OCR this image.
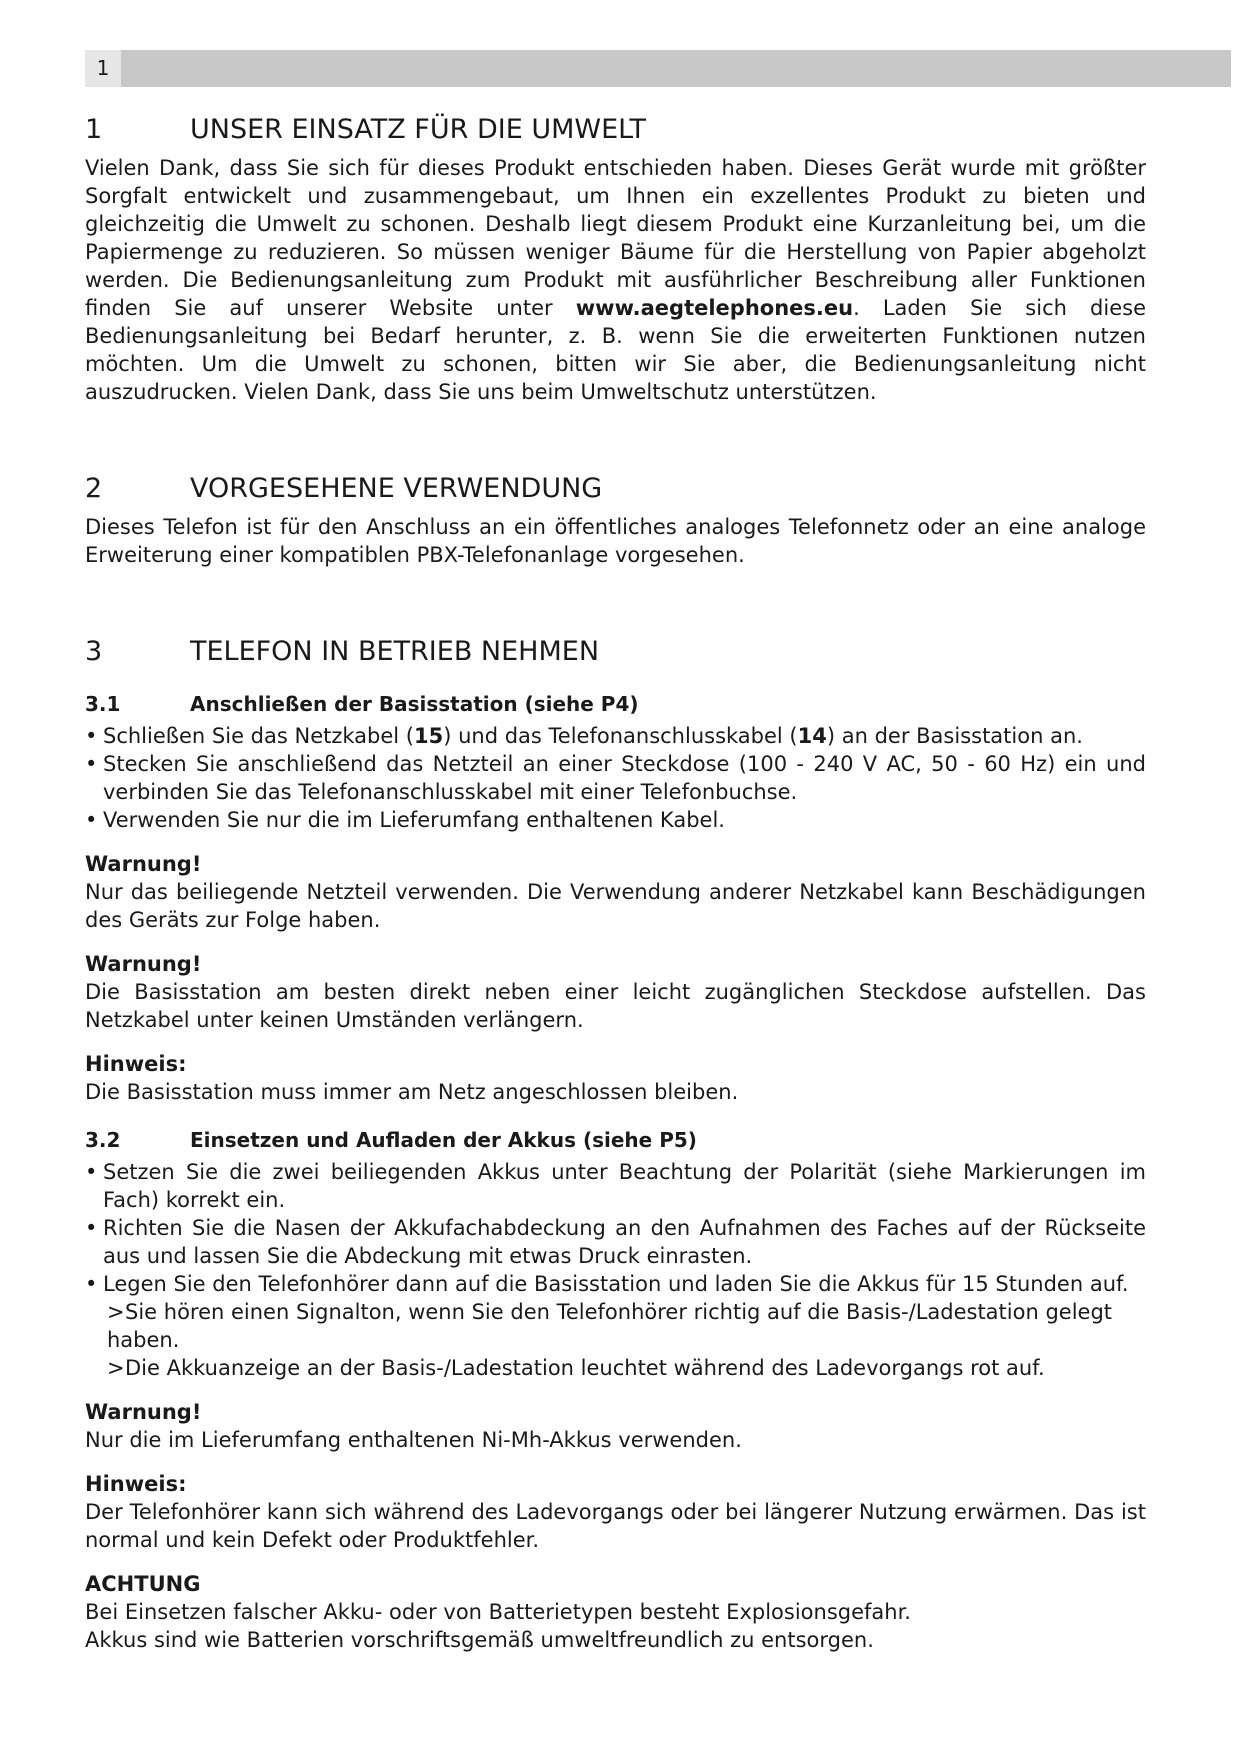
1
1	UNSER EINSATZ FÜR DIE UMWELT

Vielen Dank, dass Sie sich für dieses Produkt entschieden haben. Dieses Gerät wurde mit größter Sorgfalt entwickelt und zusammengebaut, um Ihnen ein exzellentes Produkt zu bieten und gleichzeitig die Umwelt zu schonen. Deshalb liegt diesem Produkt eine Kurzanleitung bei, um die Papiermenge zu reduzieren. So müssen weniger Bäume für die Herstellung von Papier abgeholzt werden. Die Bedienungsanleitung zum Produkt mit ausführlicher Beschreibung aller Funktionen finden Sie auf unserer Website unter www.aegtelephones.eu. Laden Sie sich diese Bedienungsanleitung bei Bedarf herunter, z. B. wenn Sie die erweiterten Funktionen nutzen möchten. Um die Umwelt zu schonen, bitten wir Sie aber, die Bedienungsanleitung nicht auszudrucken. Vielen Dank, dass Sie uns beim Umweltschutz unterstützen.

2	VORGESEHENE VERWENDUNG

Dieses Telefon ist für den Anschluss an ein öffentliches analoges Telefonnetz oder an eine analoge Erweiterung einer kompatiblen PBX-Telefonanlage vorgesehen.

3	TELEFON IN BETRIEB NEHMEN
3.1	Anschließen der Basisstation (siehe P4)
• Schließen Sie das Netzkabel (15) und das Telefonanschlusskabel (14) an der Basisstation an.
• Stecken Sie anschließend das Netzteil an einer Steckdose (100 - 240 V AC, 50 - 60 Hz) ein und verbinden Sie das Telefonanschlusskabel mit einer Telefonbuchse.
• Verwenden Sie nur die im Lieferumfang enthaltenen Kabel.
Warnung!

Nur das beiliegende Netzteil verwenden. Die Verwendung anderer Netzkabel kann Beschädigungen des Geräts zur Folge haben.

Warnung!

Die Basisstation am besten direkt neben einer leicht zugänglichen Steckdose aufstellen. Das Netzkabel unter keinen Umständen verlängern.

Hinweis:

Die Basisstation muss immer am Netz angeschlossen bleiben.

3.2	Einsetzen und Aufladen der Akkus (siehe P5)
• Setzen Sie die zwei beiliegenden Akkus unter Beachtung der Polarität (siehe Markierungen im Fach) korrekt ein.
• Richten Sie die Nasen der Akkufachabdeckung an den Aufnahmen des Faches auf der Rückseite aus und lassen Sie die Abdeckung mit etwas Druck einrasten.
• Legen Sie den Telefonhörer dann auf die Basisstation und laden Sie die Akkus für 15 Stunden auf.
>Sie hören einen Signalton, wenn Sie den Telefonhörer richtig auf die Basis-/Ladestation gelegt haben.
>Die Akkuanzeige an der Basis-/Ladestation leuchtet während des Ladevorgangs rot auf.
Warnung!

Nur die im Lieferumfang enthaltenen Ni-Mh-Akkus verwenden.

Hinweis:

Der Telefonhörer kann sich während des Ladevorgangs oder bei längerer Nutzung erwärmen. Das ist normal und kein Defekt oder Produktfehler.

ACHTUNG

Bei Einsetzen falscher Akku- oder von Batterietypen besteht Explosionsgefahr.

Akkus sind wie Batterien vorschriftsgemäß umweltfreundlich zu entsorgen.
